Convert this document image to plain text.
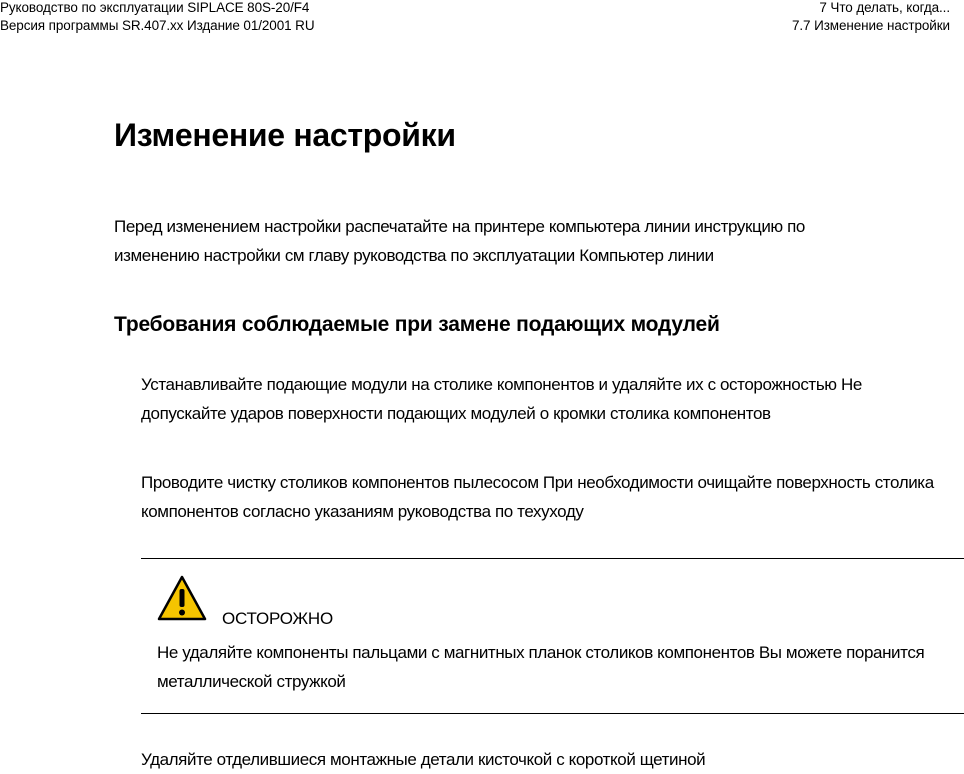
Руководство по эксплуатации SIPLACE 80S-20/F4
Версия программы SR.407.xx Издание 01/2001 RU
7 Что делать, когда...
7.7 Изменение настройки
Изменение настройки

Перед изменением настройки распечатайте на принтере компьютера линии инструкцию по
изменению настройки см главу руководства по эксплуатации Компьютер линии

Требования соблюдаемые при замене подающих модулей

Устанавливайте подающие модули на столике компонентов и удаляйте их с осторожностью Не допускайте ударов поверхности подающих модулей о кромки столика компонентов

Проводите чистку столиков компонентов пылесосом При необходимости очищайте поверхность столика компонентов согласно указаниям руководства по техуходу

ОСТОРОЖНО

Не удаляйте компоненты пальцами с магнитных планок столиков компонентов Вы можете поранится металлической стружкой

Удаляйте отделившиеся монтажные детали кисточкой с короткой щетиной
